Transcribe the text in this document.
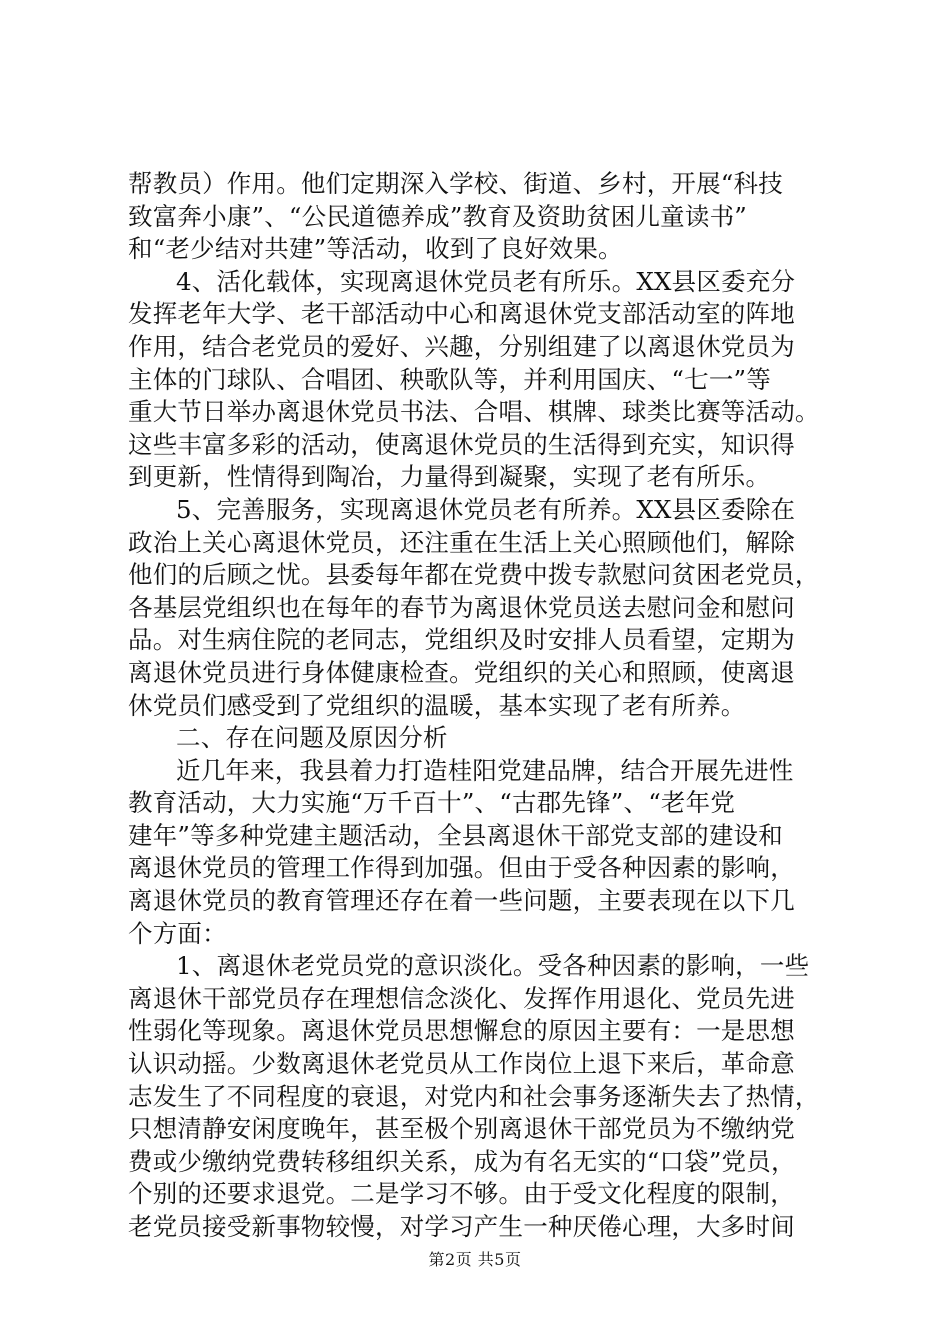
帮教员）作用。他们定期深入学校、街道、乡村，开展“科技
致富奔小康”、“公民道德养成”教育及资助贫困儿童读书”
和“老少结对共建”等活动，收到了良好效果。
4、活化载体，实现离退休党员老有所乐。XX县区委充分
发挥老年大学、老干部活动中心和离退休党支部活动室的阵地
作用，结合老党员的爱好、兴趣，分别组建了以离退休党员为
主体的门球队、合唱团、秧歌队等，并利用国庆、“七一”等
重大节日举办离退休党员书法、合唱、棋牌、球类比赛等活动。
这些丰富多彩的活动，使离退休党员的生活得到充实，知识得
到更新，性情得到陶冶，力量得到凝聚，实现了老有所乐。
5、完善服务，实现离退休党员老有所养。XX县区委除在
政治上关心离退休党员，还注重在生活上关心照顾他们，解除
他们的后顾之忧。县委每年都在党费中拨专款慰问贫困老党员，
各基层党组织也在每年的春节为离退休党员送去慰问金和慰问
品。对生病住院的老同志，党组织及时安排人员看望，定期为
离退休党员进行身体健康检查。党组织的关心和照顾，使离退
休党员们感受到了党组织的温暖，基本实现了老有所养。
二、存在问题及原因分析
近几年来，我县着力打造桂阳党建品牌，结合开展先进性
教育活动，大力实施“万千百十”、“古郡先锋”、“老年党
建年”等多种党建主题活动，全县离退休干部党支部的建设和
离退休党员的管理工作得到加强。但由于受各种因素的影响，
离退休党员的教育管理还存在着一些问题，主要表现在以下几
个方面：
1、离退休老党员党的意识淡化。受各种因素的影响，一些
离退休干部党员存在理想信念淡化、发挥作用退化、党员先进
性弱化等现象。离退休党员思想懈怠的原因主要有：一是思想
认识动摇。少数离退休老党员从工作岗位上退下来后，革命意
志发生了不同程度的衰退，对党内和社会事务逐渐失去了热情，
只想清静安闲度晚年，甚至极个别离退休干部党员为不缴纳党
费或少缴纳党费转移组织关系，成为有名无实的“口袋”党员，
个别的还要求退党。二是学习不够。由于受文化程度的限制，
老党员接受新事物较慢，对学习产生一种厌倦心理，大多时间
第2页 共5页
